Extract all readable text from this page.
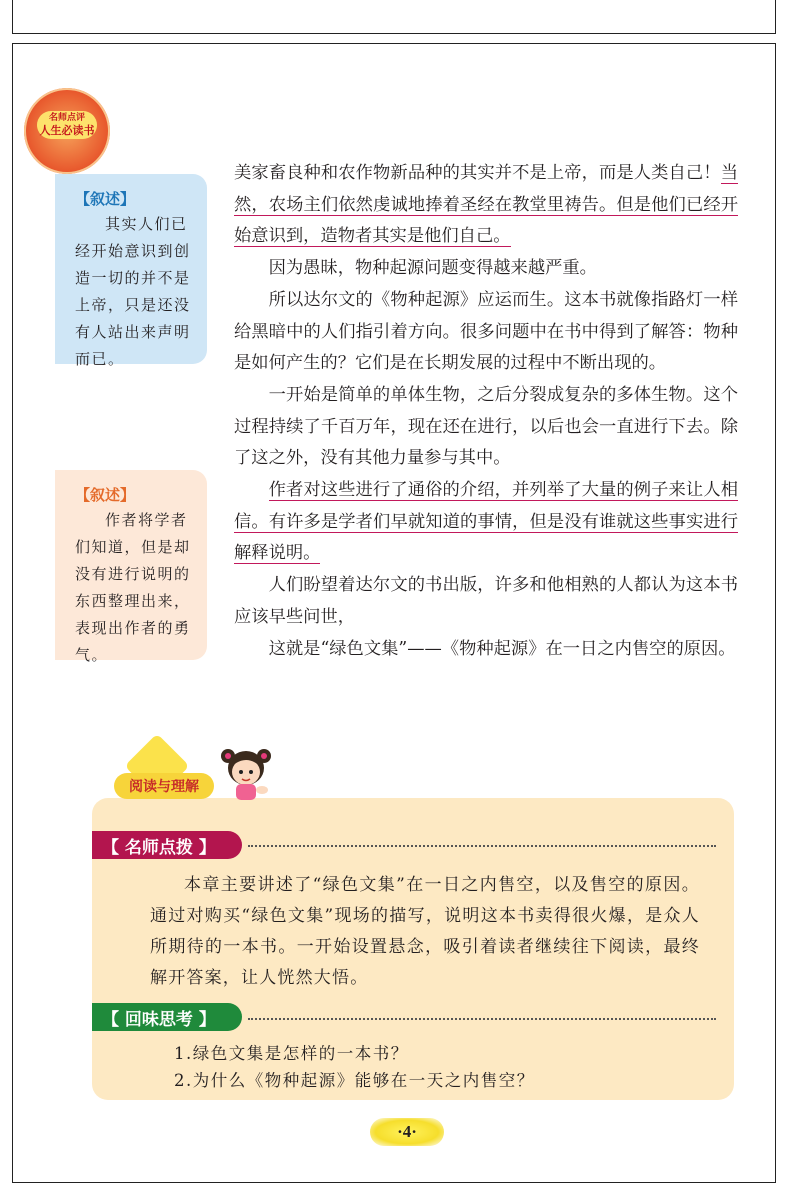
名师点评
人生必读书
【叙述】
其实人们已经开始意识到创造一切的并不是上帝，只是还没有人站出来声明而已。
【叙述】
作者将学者们知道，但是却没有进行说明的东西整理出来，表现出作者的勇气。

美家畜良种和农作物新品种的其实并不是上帝，而是人类自己！当然，农场主们依然虔诚地捧着圣经在教堂里祷告。但是他们已经开始意识到，造物者其实是他们自己。

因为愚昧，物种起源问题变得越来越严重。

所以达尔文的《物种起源》应运而生。这本书就像指路灯一样给黑暗中的人们指引着方向。很多问题中在书中得到了解答：物种是如何产生的？它们是在长期发展的过程中不断出现的。

一开始是简单的单体生物，之后分裂成复杂的多体生物。这个过程持续了千百万年，现在还在进行，以后也会一直进行下去。除了这之外，没有其他力量参与其中。

作者对这些进行了通俗的介绍，并列举了大量的例子来让人相信。有许多是学者们早就知道的事情，但是没有谁就这些事实进行解释说明。

人们盼望着达尔文的书出版，许多和他相熟的人都认为这本书应该早些问世，

这就是“绿色文集”——《物种起源》在一日之内售空的原因。

阅读与理解
【 名师点拨 】

本章主要讲述了“绿色文集”在一日之内售空，以及售空的原因。通过对购买“绿色文集”现场的描写，说明这本书卖得很火爆，是众人所期待的一本书。一开始设置悬念，吸引着读者继续往下阅读，最终解开答案，让人恍然大悟。

【 回味思考 】
1.绿色文集是怎样的一本书？
2.为什么《物种起源》能够在一天之内售空？
·4·
